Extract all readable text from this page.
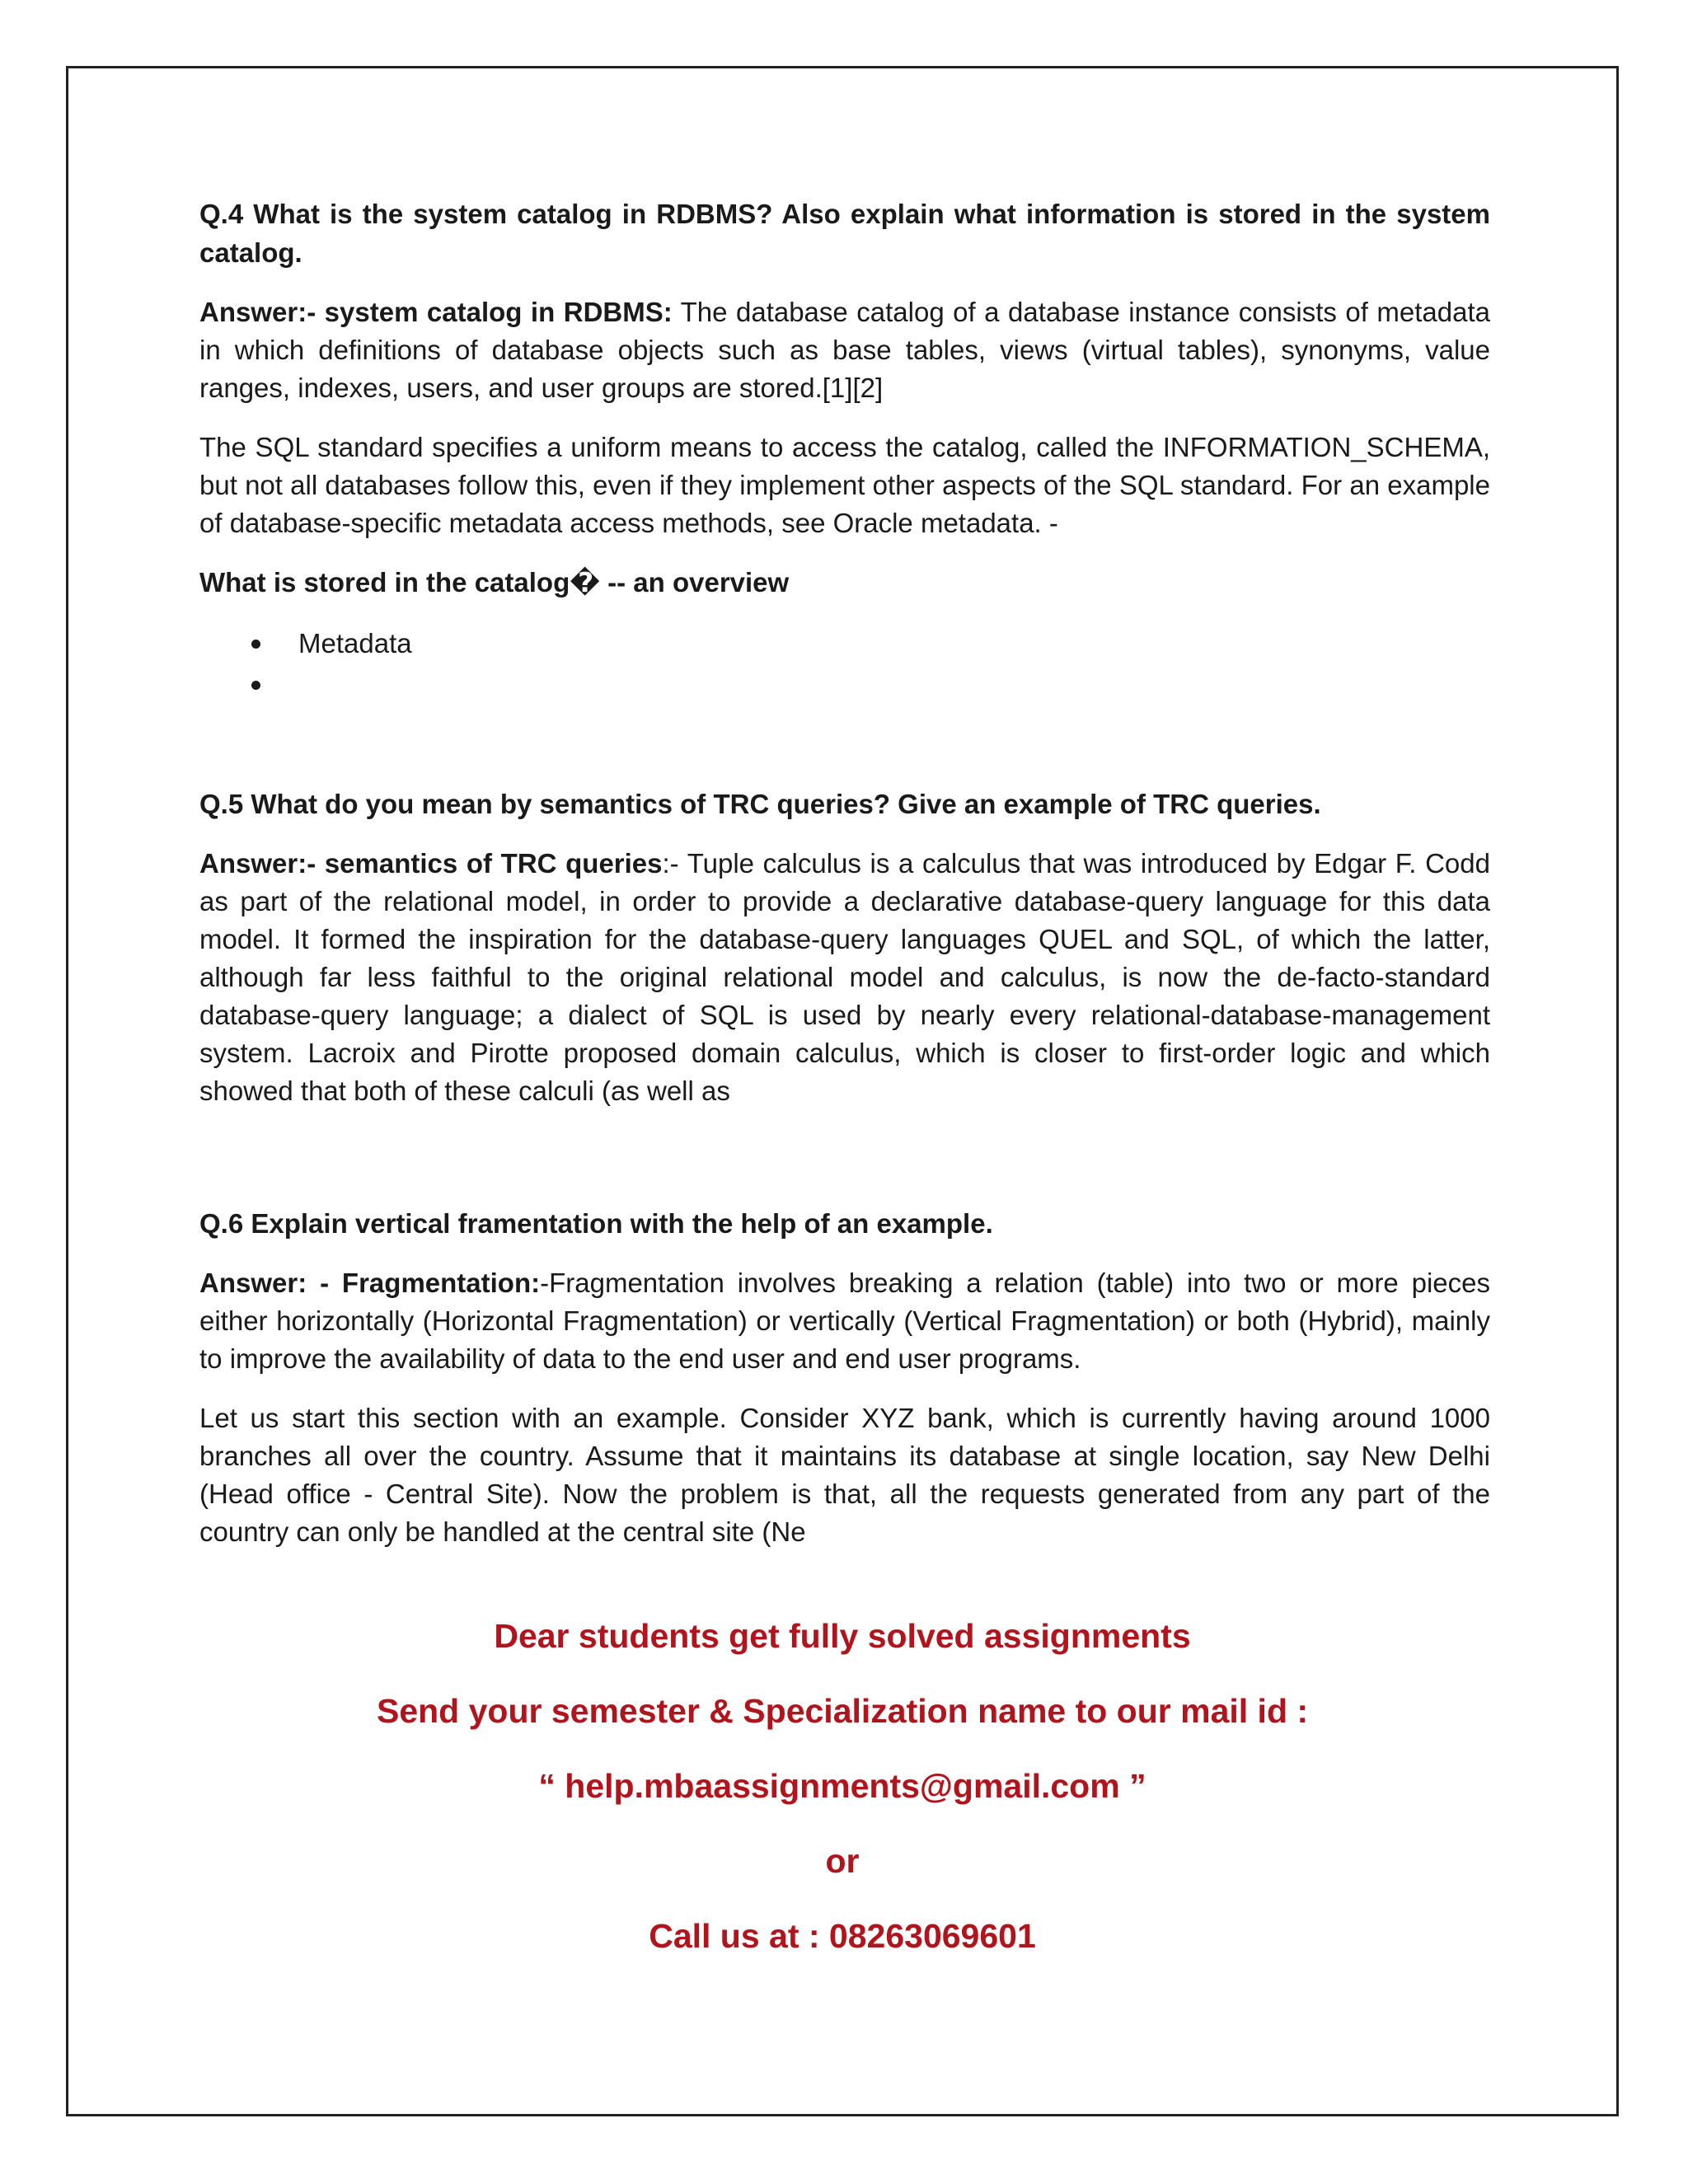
Q.4 What is the system catalog in RDBMS? Also explain what information is stored in the system catalog.

Answer:- system catalog in RDBMS: The database catalog of a database instance consists of metadata in which definitions of database objects such as base tables, views (virtual tables), synonyms, value ranges, indexes, users, and user groups are stored.[1][2]

The SQL standard specifies a uniform means to access the catalog, called the INFORMATION_SCHEMA, but not all databases follow this, even if they implement other aspects of the SQL standard. For an example of database-specific metadata access methods, see Oracle metadata. -

What is stored in the catalog� -- an overview

Metadata

Q.5 What do you mean by semantics of TRC queries? Give an example of TRC queries.

Answer:- semantics of TRC queries:- Tuple calculus is a calculus that was introduced by Edgar F. Codd as part of the relational model, in order to provide a declarative database-query language for this data model. It formed the inspiration for the database-query languages QUEL and SQL, of which the latter, although far less faithful to the original relational model and calculus, is now the de-facto-standard database-query language; a dialect of SQL is used by nearly every relational-database-management system. Lacroix and Pirotte proposed domain calculus, which is closer to first-order logic and which showed that both of these calculi (as well as

Q.6 Explain vertical framentation with the help of an example.

Answer: - Fragmentation:-Fragmentation involves breaking a relation (table) into two or more pieces either horizontally (Horizontal Fragmentation) or vertically (Vertical Fragmentation) or both (Hybrid), mainly to improve the availability of data to the end user and end user programs.

Let us start this section with an example. Consider XYZ bank, which is currently having around 1000 branches all over the country. Assume that it maintains its database at single location, say New Delhi (Head office - Central Site). Now the problem is that, all the requests generated from any part of the country can only be handled at the central site (Ne

Dear students get fully solved assignments
Send your semester & Specialization name to our mail id :
“ help.mbaassignments@gmail.com ”
or
Call us at : 08263069601
